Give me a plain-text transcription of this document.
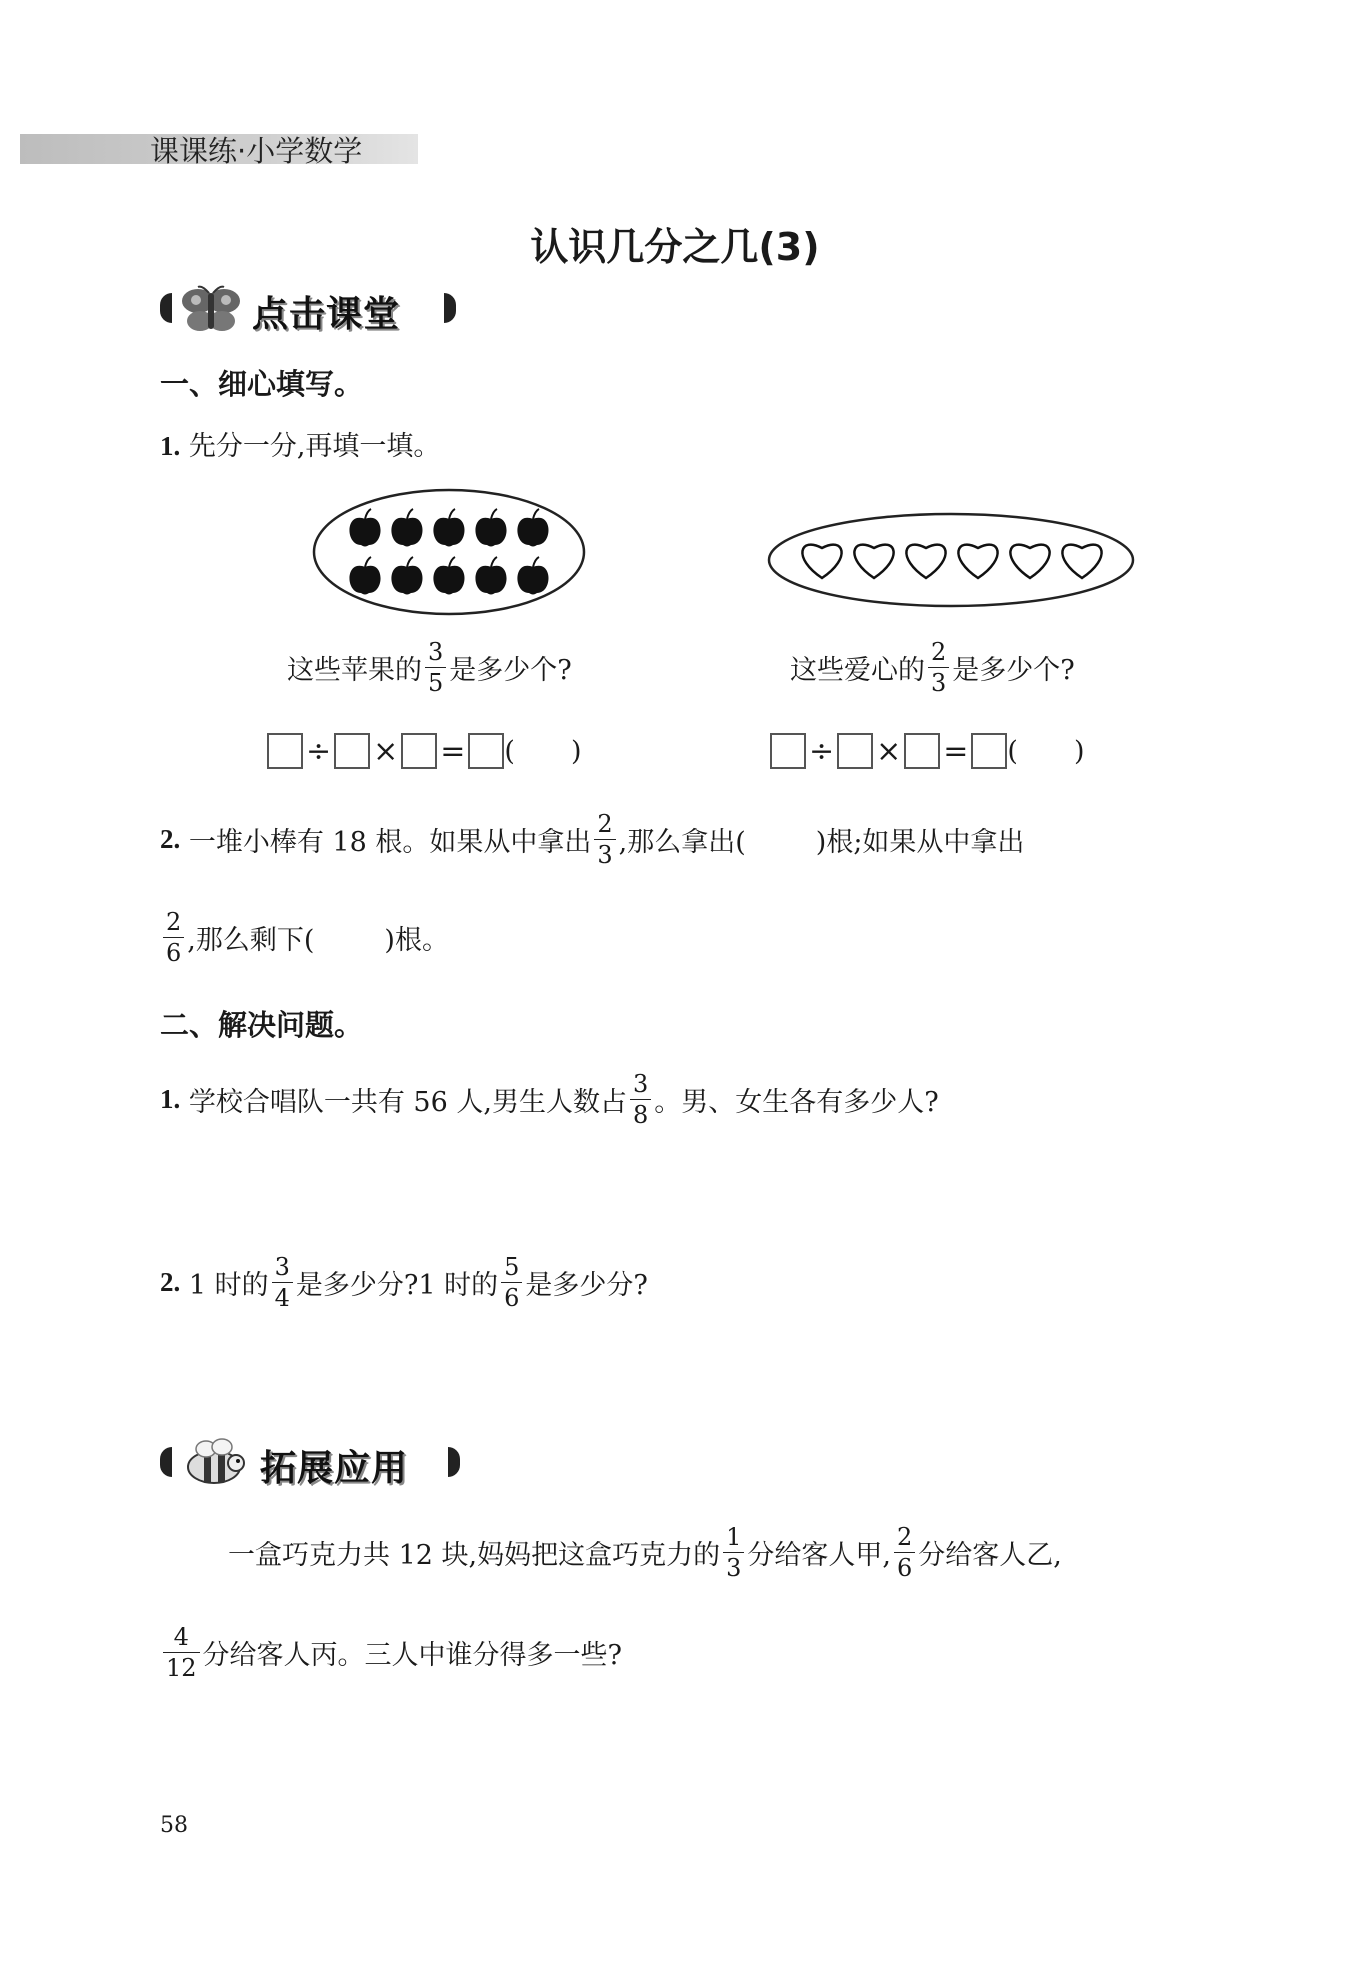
课课练·小学数学
认识几分之几(3)
点击课堂
一、细心填写。
1. 先分一分,再填一填。
这些苹果的 $\frac{3}{5}$ 是多少个?	这些爱心的 $\frac{2}{3}$ 是多少个?
÷ × = ( )	÷ × = ( )
2. 一堆小棒有 18 根。如果从中拿出 $\frac{2}{3}$ ,那么拿出(	)根;如果从中拿出
$\frac{2}{6}$ ,那么剩下(	)根。
二、解决问题。
1. 学校合唱队一共有 56 人,男生人数占 $\frac{3}{8}$ 。男、女生各有多少人?
2. 1 时的 $\frac{3}{4}$ 是多少分?1 时的 $\frac{5}{6}$ 是多少分?
拓展应用
一盒巧克力共 12 块,妈妈把这盒巧克力的 $\frac{1}{3}$ 分给客人甲, $\frac{2}{6}$ 分给客人乙,
$\frac{4}{12}$ 分给客人丙。三人中谁分得多一些?
58
